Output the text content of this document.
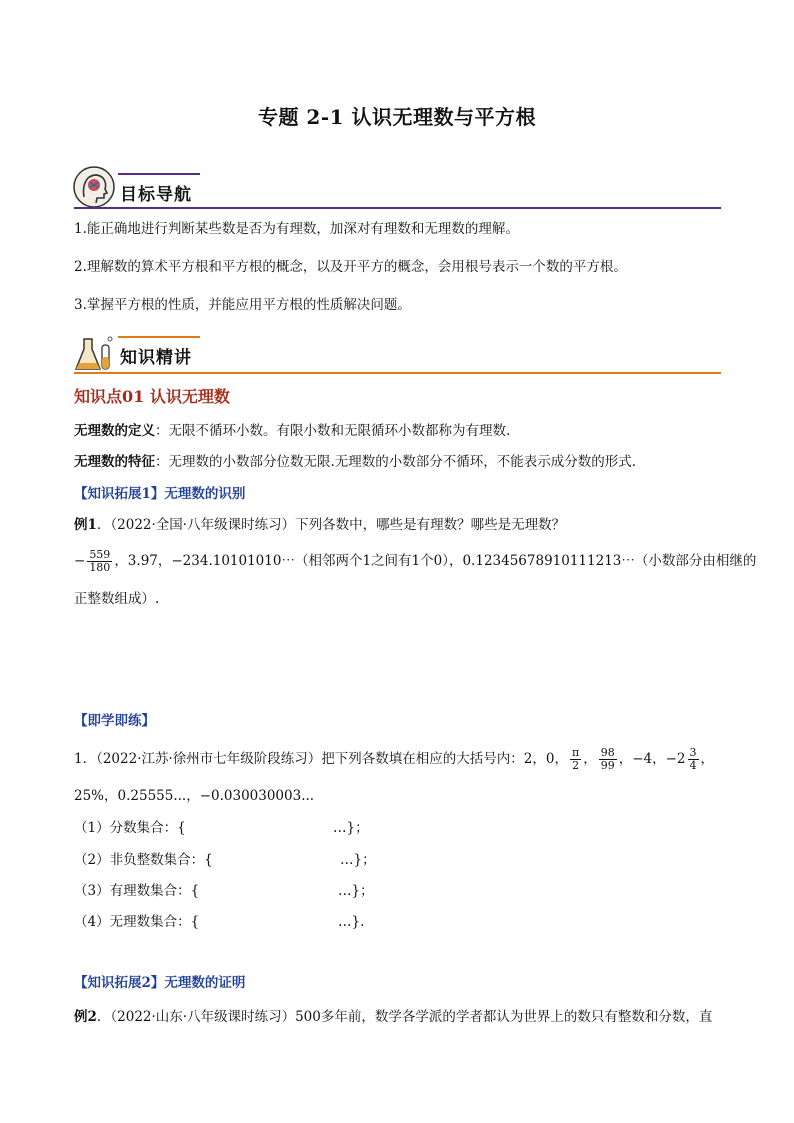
专题 2-1 认识无理数与平方根
目标导航
1.能正确地进行判断某些数是否为有理数，加深对有理数和无理数的理解。
2.理解数的算术平方根和平方根的概念，以及开平方的概念，会用根号表示一个数的平方根。
3.掌握平方根的性质，并能应用平方根的性质解决问题。
知识精讲
知识点01 认识无理数
无理数的定义：无限不循环小数。有限小数和无限循环小数都称为有理数.
无理数的特征：无理数的小数部分位数无限.无理数的小数部分不循环，不能表示成分数的形式.
【知识拓展1】无理数的识别
例1．（2022·全国·八年级课时练习）下列各数中，哪些是有理数？哪些是无理数？
− $\frac{559}{180}$ ，3.97，−234.10101010⋯（相邻两个1之间有1个0），0.12345678910111213⋯（小数部分由相继的
正整数组成）.
【即学即练】
1．（2022·江苏·徐州市七年级阶段练习）把下列各数填在相应的大括号内：2，0， $\frac{\pi}{2}$ ， $\frac{98}{99}$ ，−4，$-2 \frac{3}{4}$ ，
25%，0.25555...，−0.030030003...
（1）分数集合：{	…}；
（2）非负整数集合：{	…}；
（3）有理数集合：{	…}；
（4）无理数集合：{	…}.
【知识拓展2】无理数的证明
例2．（2022·山东·八年级课时练习）500多年前，数学各学派的学者都认为世界上的数只有整数和分数，直
